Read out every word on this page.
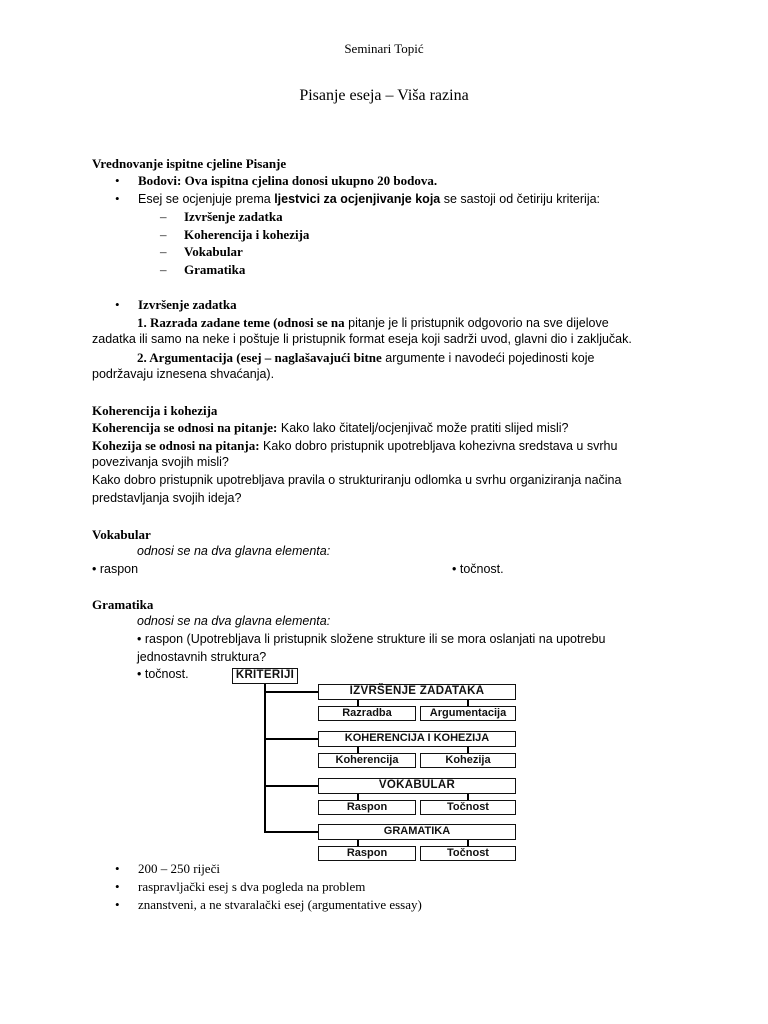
Seminari Topić
Pisanje eseja – Viša razina
Vrednovanje ispitne cjeline Pisanje
• Bodovi: Ova ispitna cjelina donosi ukupno 20 bodova.
• Esej se ocjenjuje prema ljestvici za ocjenjivanje koja se sastoji od četiriju kriterija:
– Izvršenje zadatka
– Koherencija i kohezija
– Vokabular
– Gramatika
• Izvršenje zadatka
1. Razrada zadane teme (odnosi se na pitanje je li pristupnik odgovorio na sve dijelove
zadatka ili samo na neke i poštuje li pristupnik format eseja koji sadrži uvod, glavni dio i zaključak.
2. Argumentacija (esej – naglašavajući bitne argumente i navodeći pojedinosti koje
podržavaju iznesena shvaćanja).
Koherencija i kohezija
Koherencija se odnosi na pitanje: Kako lako čitatelj/ocjenjivač može pratiti slijed misli?
Kohezija se odnosi na pitanja: Kako dobro pristupnik upotrebljava kohezivna sredstava u svrhu
povezivanja svojih misli?
Kako dobro pristupnik upotrebljava pravila o strukturiranju odlomka u svrhu organiziranja načina
predstavljanja svojih ideja?
Vokabular
odnosi se na dva glavna elementa:
• raspon	• točnost.
Gramatika
odnosi se na dva glavna elementa:
• raspon (Upotrebljava li pristupnik složene strukture ili se mora oslanjati na upotrebu
jednostavnih struktura?
• točnost.	KRITERIJI
IZVRŠENJE ZADATAKA
Razradba	Argumentacija
KOHERENCIJA I KOHEZIJA
Koherencija	Kohezija
VOKABULAR
Raspon	Točnost
GRAMATIKA
Raspon	Točnost
• 200 – 250 riječi
• raspravljački esej s dva pogleda na problem
• znanstveni, a ne stvaralački esej (argumentative essay)
